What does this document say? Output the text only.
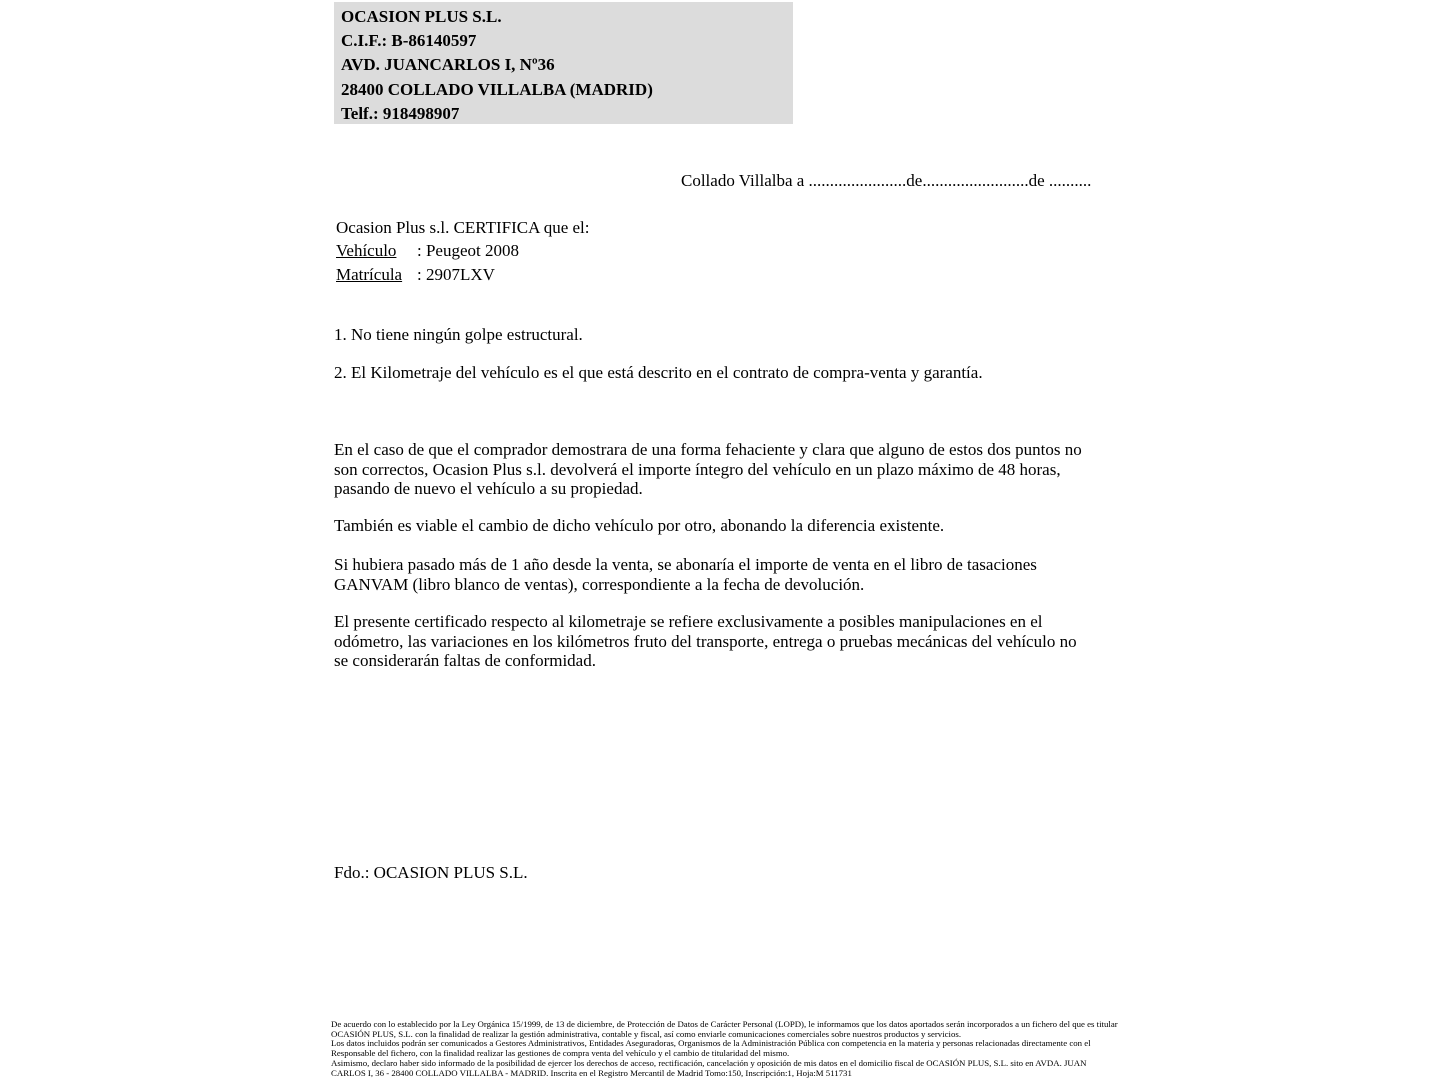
OCASION PLUS S.L.
C.I.F.: B-86140597
AVD. JUANCARLOS I, Nº36
28400 COLLADO VILLALBA (MADRID)
Telf.: 918498907
Collado Villalba a .......................de.........................de ..........
Ocasion Plus s.l. CERTIFICA que el:
Vehículo : Peugeot 2008
Matrícula : 2907LXV
1. No tiene ningún golpe estructural.
2. El Kilometraje del vehículo es el que está descrito en el contrato de compra-venta y garantía.
En el caso de que el comprador demostrara de una forma fehaciente y clara que alguno de estos dos puntos no son correctos, Ocasion Plus s.l. devolverá el importe íntegro del vehículo en un plazo máximo de 48 horas, pasando de nuevo el vehículo a su propiedad.
También es viable el cambio de dicho vehículo por otro, abonando la diferencia existente.
Si hubiera pasado más de 1 año desde la venta, se abonaría el importe de venta en el libro de tasaciones GANVAM (libro blanco de ventas), correspondiente a la fecha de devolución.
El presente certificado respecto al kilometraje se refiere exclusivamente a posibles manipulaciones en el odómetro, las variaciones en los kilómetros fruto del transporte, entrega o pruebas mecánicas del vehículo no se considerarán faltas de conformidad.
Fdo.: OCASION PLUS S.L.
De acuerdo con lo establecido por la Ley Orgánica 15/1999, de 13 de diciembre, de Protección de Datos de Carácter Personal (LOPD), le informamos que los datos aportados serán incorporados a un fichero del que es titular
OCASIÓN PLUS, S.L. con la finalidad de realizar la gestión administrativa, contable y fiscal, así como enviarle comunicaciones comerciales sobre nuestros productos y servicios.
Los datos incluidos podrán ser comunicados a Gestores Administrativos, Entidades Aseguradoras, Organismos de la Administración Pública con competencia en la materia y personas relacionadas directamente con el
Responsable del fichero, con la finalidad realizar las gestiones de compra venta del vehículo y el cambio de titularidad del mismo.
Asimismo, declaro haber sido informado de la posibilidad de ejercer los derechos de acceso, rectificación, cancelación y oposición de mis datos en el domicilio fiscal de OCASIÓN PLUS, S.L. sito en AVDA. JUAN
CARLOS I, 36 - 28400 COLLADO VILLALBA - MADRID. Inscrita en el Registro Mercantil de Madrid Tomo:150, Inscripción:1, Hoja:M 511731
